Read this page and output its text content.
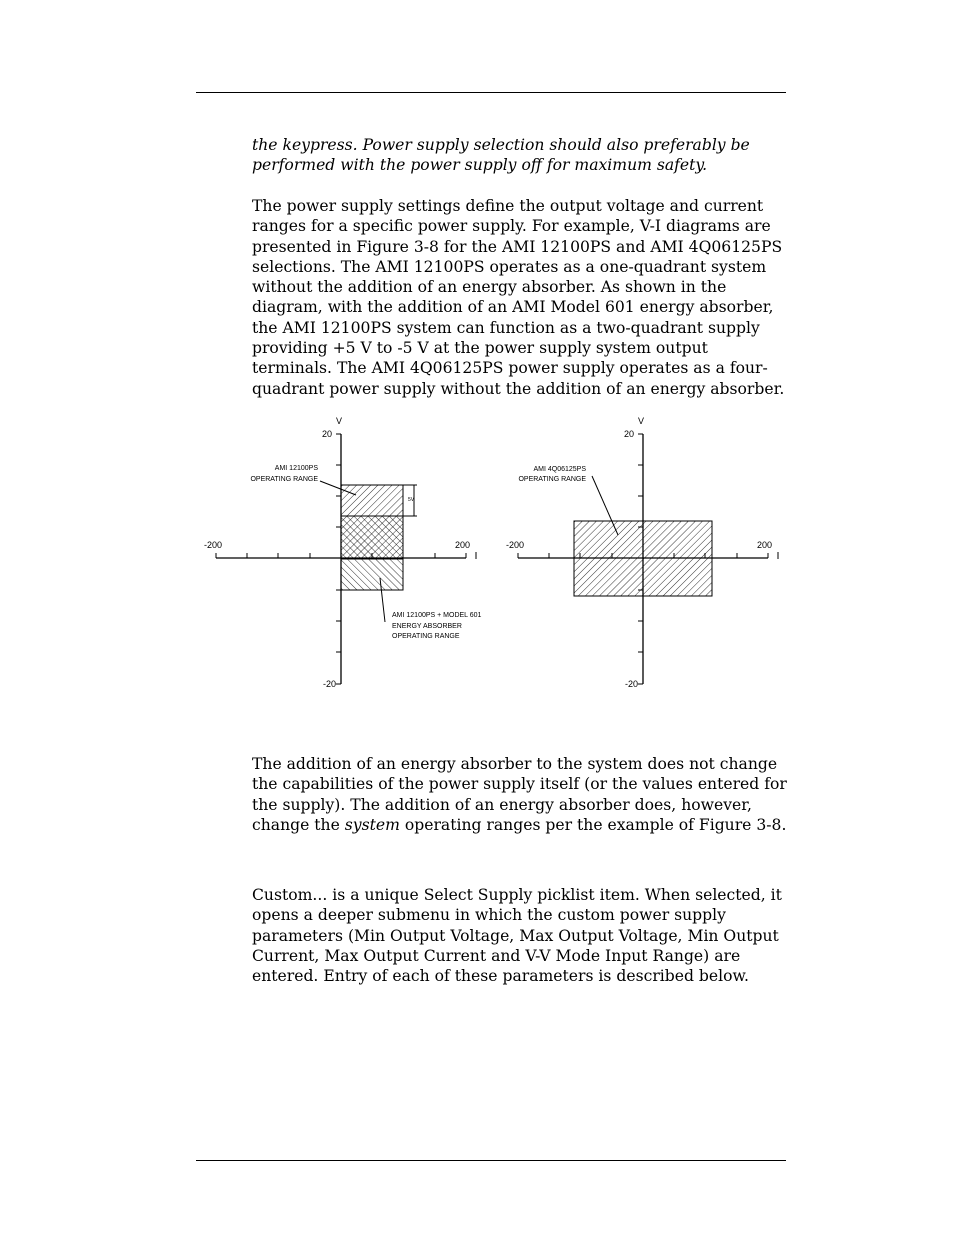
the keypress. Power supply selection should also preferably be
performed with the power supply off for maximum safety.
The power supply settings define the output voltage and current
ranges for a specific power supply. For example, V-I diagrams are
presented in Figure 3-8 for the AMI 12100PS and AMI 4Q06125PS
selections. The AMI 12100PS operates as a one-quadrant system
without the addition of an energy absorber. As shown in the
diagram, with the addition of an AMI Model 601 energy absorber,
the AMI 12100PS system can function as a two-quadrant supply
providing +5 V to -5 V at the power supply system output
terminals. The AMI 4Q06125PS power supply operates as a four-
quadrant power supply without the addition of an energy absorber.
V
20
-20
-200	200
5V
AMI 12100PS
OPERATING RANGE
AMI 12100PS + MODEL 601
ENERGY ABSORBER
OPERATING RANGE
V
20
-20
-200	200
AMI 4Q06125PS
OPERATING RANGE
The addition of an energy absorber to the system does not change
the capabilities of the power supply itself (or the values entered for
the supply). The addition of an energy absorber does, however,
change the system operating ranges per the example of Figure 3-8.
Custom... is a unique Select Supply picklist item. When selected, it
opens a deeper submenu in which the custom power supply
parameters (Min Output Voltage, Max Output Voltage, Min Output
Current, Max Output Current and V-V Mode Input Range) are
entered. Entry of each of these parameters is described below.
